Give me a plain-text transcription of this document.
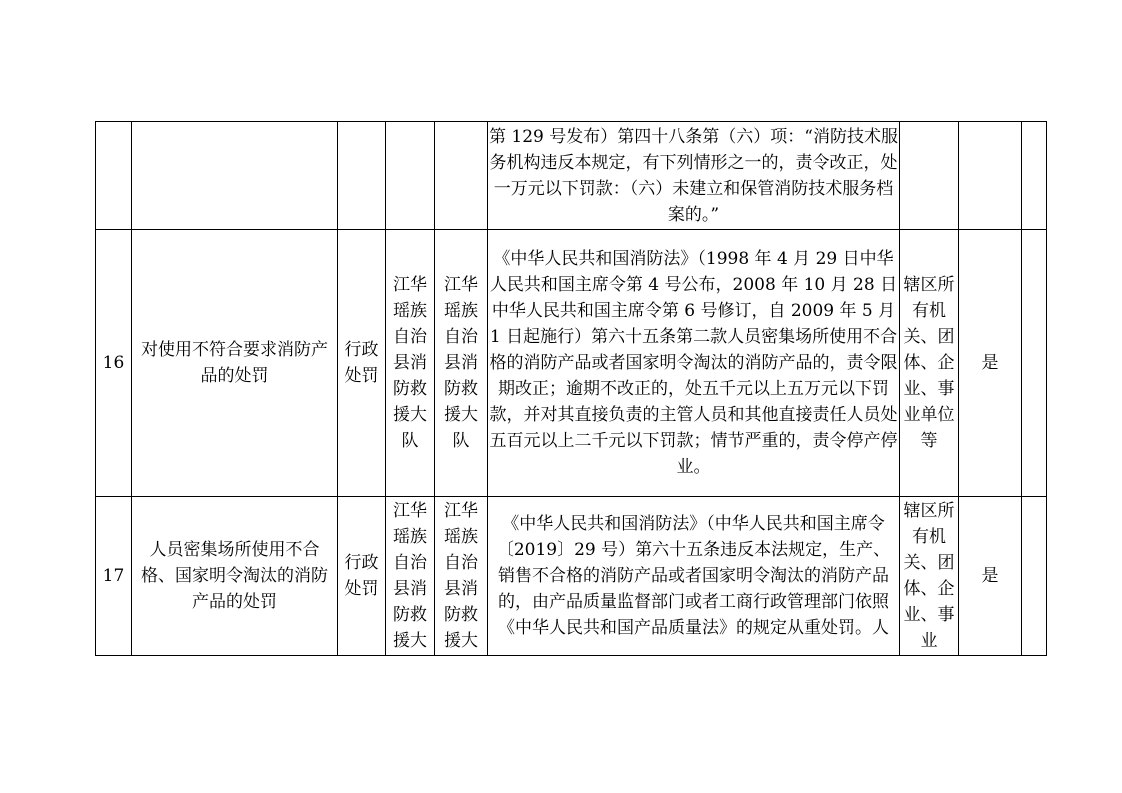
					第 129 号发布）第四十八条第（六）项：“消防技术服务机构违反本规定，有下列情形之一的，责令改正，处一万元以下罚款：（六）未建立和保管消防技术服务档案的。”			
16	对使用不符合要求消防产品的处罚	行政处罚	江华瑶族自治县消防救援大队	江华瑶族自治县消防救援大队	《中华人民共和国消防法》（1998 年 4 月 29 日中华人民共和国主席令第 4 号公布，2008 年 10 月 28 日中华人民共和国主席令第 6 号修订，自 2009 年 5 月 1 日起施行）第六十五条第二款人员密集场所使用不合格的消防产品或者国家明令淘汰的消防产品的，责令限期改正；逾期不改正的，处五千元以上五万元以下罚款，并对其直接负责的主管人员和其他直接责任人员处五百元以上二千元以下罚款；情节严重的，责令停产停业。	辖区所有机关、团体、企业、事业单位等	是	
17	人员密集场所使用不合格、国家明令淘汰的消防产品的处罚	行政处罚	江华瑶族自治县消防救援大	江华瑶族自治县消防救援大	《中华人民共和国消防法》（中华人民共和国主席令〔2019〕29 号）第六十五条违反本法规定，生产、销售不合格的消防产品或者国家明令淘汰的消防产品的，由产品质量监督部门或者工商行政管理部门依照《中华人民共和国产品质量法》的规定从重处罚。人	辖区所有机关、团体、企业、事业	是	
